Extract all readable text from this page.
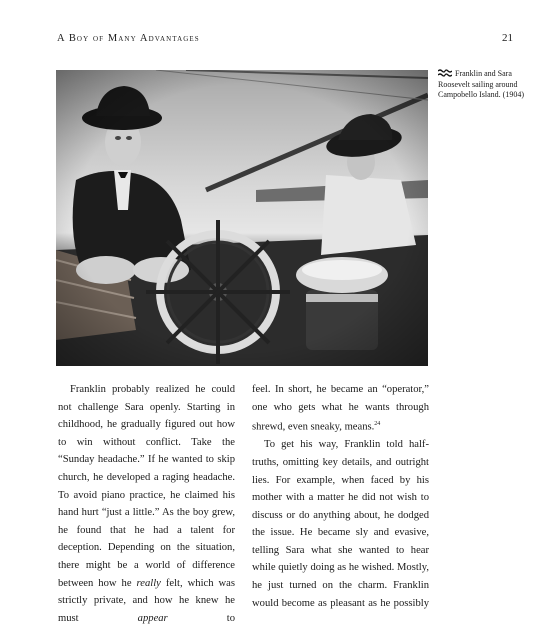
A Boy of Many Advantages	21
Franklin and Sara Roosevelt sailing around Campobello Island. (1904)

Franklin probably realized he could not challenge Sara openly. Starting in childhood, he gradually figured out how to win without conflict. Take the “Sunday headache.” If he wanted to skip church, he developed a raging headache. To avoid piano practice, he claimed his hand hurt “just a little.” As the boy grew, he found that he had a talent for deception. Depending on the situation, there might be a world of difference between how he really felt, which was strictly private, and how he knew he must appear to

feel. In short, he became an “operator,” one who gets what he wants through shrewd, even sneaky, means.$^{24}$

To get his way, Franklin told half-truths, omitting key details, and outright lies. For example, when faced by his mother with a matter he did not wish to discuss or do anything about, he dodged the issue. He became sly and evasive, telling Sara what she wanted to hear while quietly doing as he wished. Mostly, he just turned on the charm. Franklin would become as pleasant as he possibly
